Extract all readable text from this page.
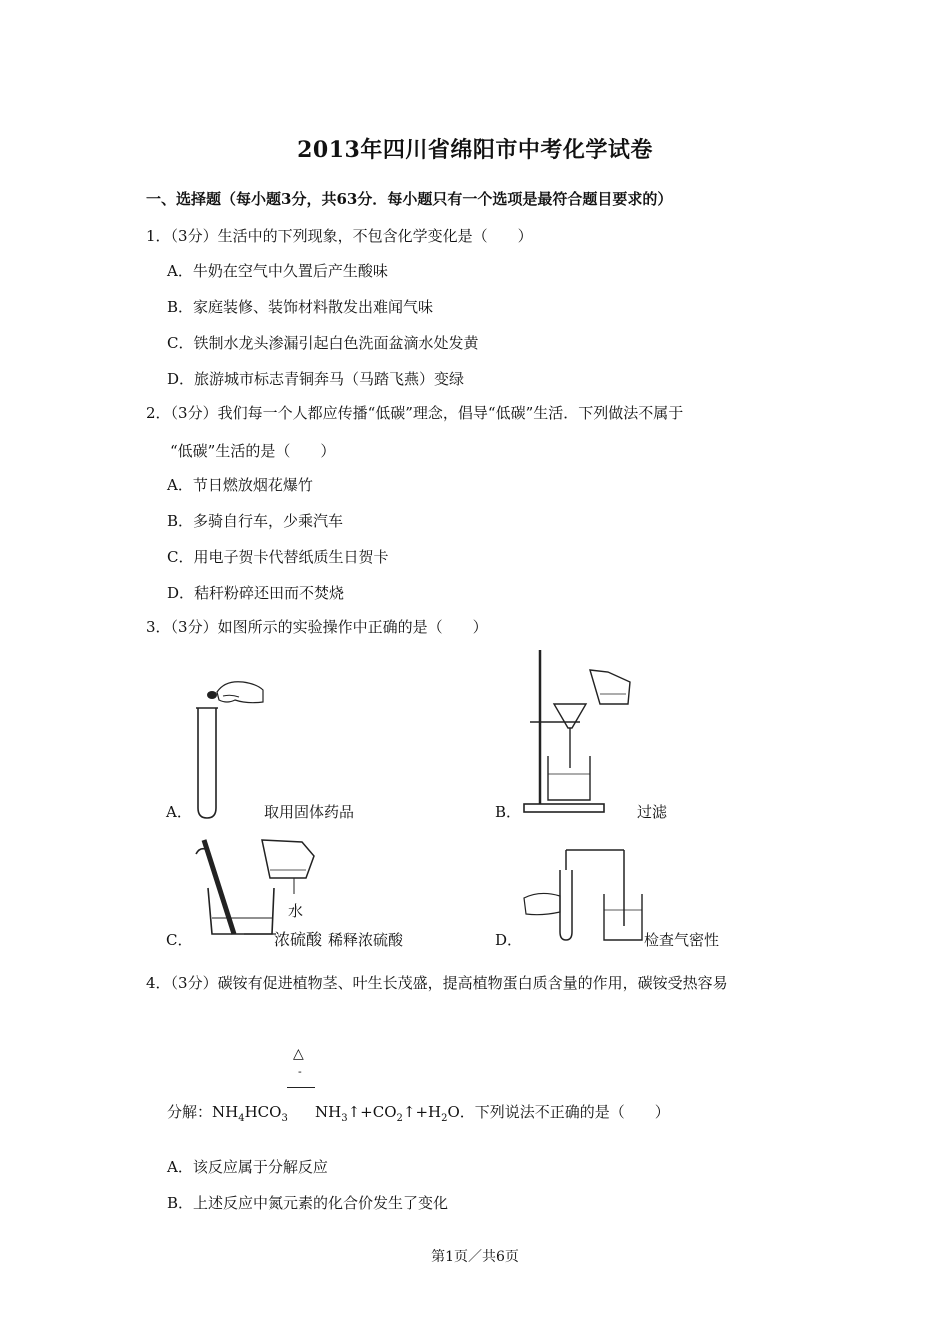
2013年四川省绵阳市中考化学试卷
一、选择题（每小题3分，共63分．每小题只有一个选项是最符合题目要求的）
1．（3分）生活中的下列现象，不包含化学变化是（　　）
A．牛奶在空气中久置后产生酸味
B．家庭装修、装饰材料散发出难闻气味
C．铁制水龙头渗漏引起白色洗面盆滴水处发黄
D．旅游城市标志青铜奔马（马踏飞燕）变绿
2．（3分）我们每一个人都应传播“低碳”理念，倡导“低碳”生活．下列做法不属于
“低碳”生活的是（　　）
A．节日燃放烟花爆竹
B．多骑自行车，少乘汽车
C．用电子贺卡代替纸质生日贺卡
D．秸秆粉碎还田而不焚烧
3．（3分）如图所示的实验操作中正确的是（　　）
A．	取用固体药品	B．	过滤
水
浓硫酸
C．	稀释浓硫酸	D．	检查气密性
4．（3分）碳铵有促进植物茎、叶生长茂盛，提高植物蛋白质含量的作用，碳铵受热容易
△
-
分解：$NH_4HCO_3$ $NH_3↑+CO_2↑+H_2O$．下列说法不正确的是（　　）
A．该反应属于分解反应
B．上述反应中氮元素的化合价发生了变化
第1页／共6页
